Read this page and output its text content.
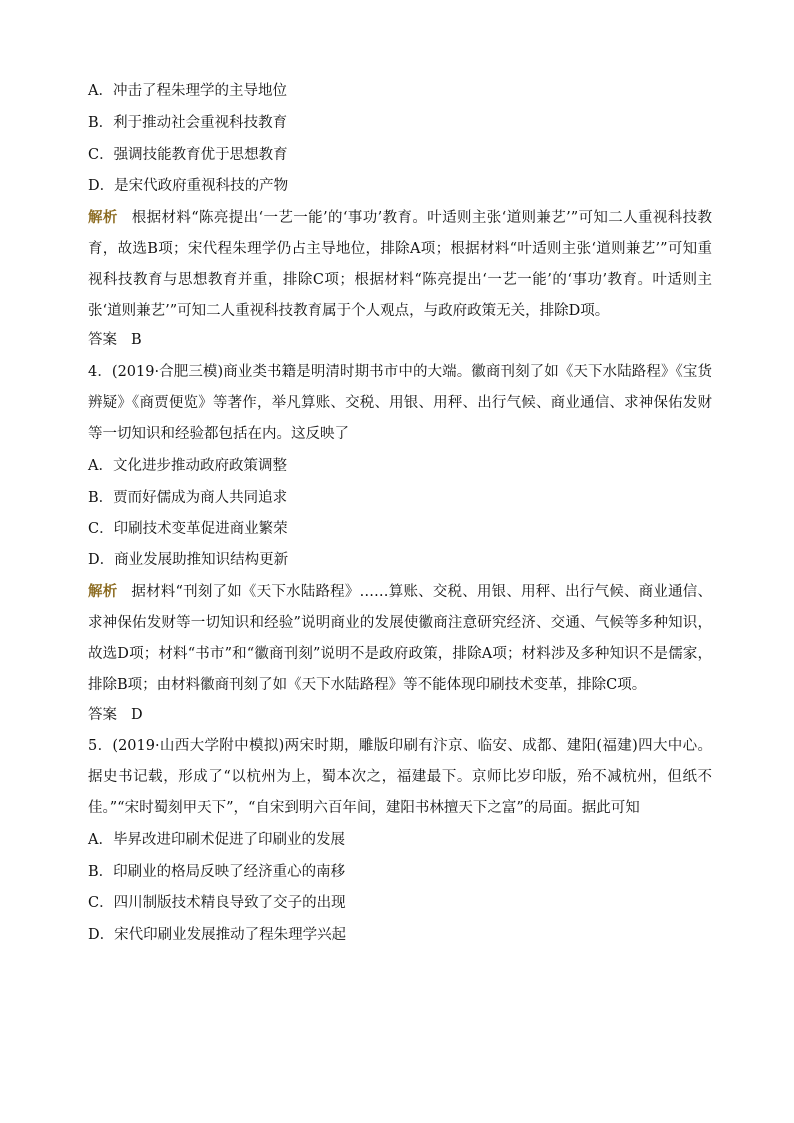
A．冲击了程朱理学的主导地位
B．利于推动社会重视科技教育
C．强调技能教育优于思想教育
D．是宋代政府重视科技的产物
解析 根据材料“陈亮提出‘一艺一能’的‘事功’教育。叶适则主张‘道则兼艺’”可知二人重视科技教育，故选B项；宋代程朱理学仍占主导地位，排除A项；根据材料“叶适则主张‘道则兼艺’”可知重视科技教育与思想教育并重，排除C项；根据材料“陈亮提出‘一艺一能’的‘事功’教育。叶适则主张‘道则兼艺’”可知二人重视科技教育属于个人观点，与政府政策无关，排除D项。
答案 B
4．(2019·合肥三模)商业类书籍是明清时期书市中的大端。徽商刊刻了如《天下水陆路程》《宝货辨疑》《商贾便览》等著作，举凡算账、交税、用银、用秤、出行气候、商业通信、求神保佑发财等一切知识和经验都包括在内。这反映了
A．文化进步推动政府政策调整
B．贾而好儒成为商人共同追求
C．印刷技术变革促进商业繁荣
D．商业发展助推知识结构更新
解析 据材料“刊刻了如《天下水陆路程》……算账、交税、用银、用秤、出行气候、商业通信、求神保佑发财等一切知识和经验”说明商业的发展使徽商注意研究经济、交通、气候等多种知识，故选D项；材料“书市”和“徽商刊刻”说明不是政府政策，排除A项；材料涉及多种知识不是儒家，排除B项；由材料徽商刊刻了如《天下水陆路程》等不能体现印刷技术变革，排除C项。
答案 D
5．(2019·山西大学附中模拟)两宋时期，雕版印刷有汴京、临安、成都、建阳(福建)四大中心。据史书记载，形成了“以杭州为上，蜀本次之，福建最下。京师比岁印版，殆不减杭州，但纸不佳。”“宋时蜀刻甲天下”，“自宋到明六百年间，建阳书林擅天下之富”的局面。据此可知
A．毕昇改进印刷术促进了印刷业的发展
B．印刷业的格局反映了经济重心的南移
C．四川制版技术精良导致了交子的出现
D．宋代印刷业发展推动了程朱理学兴起
